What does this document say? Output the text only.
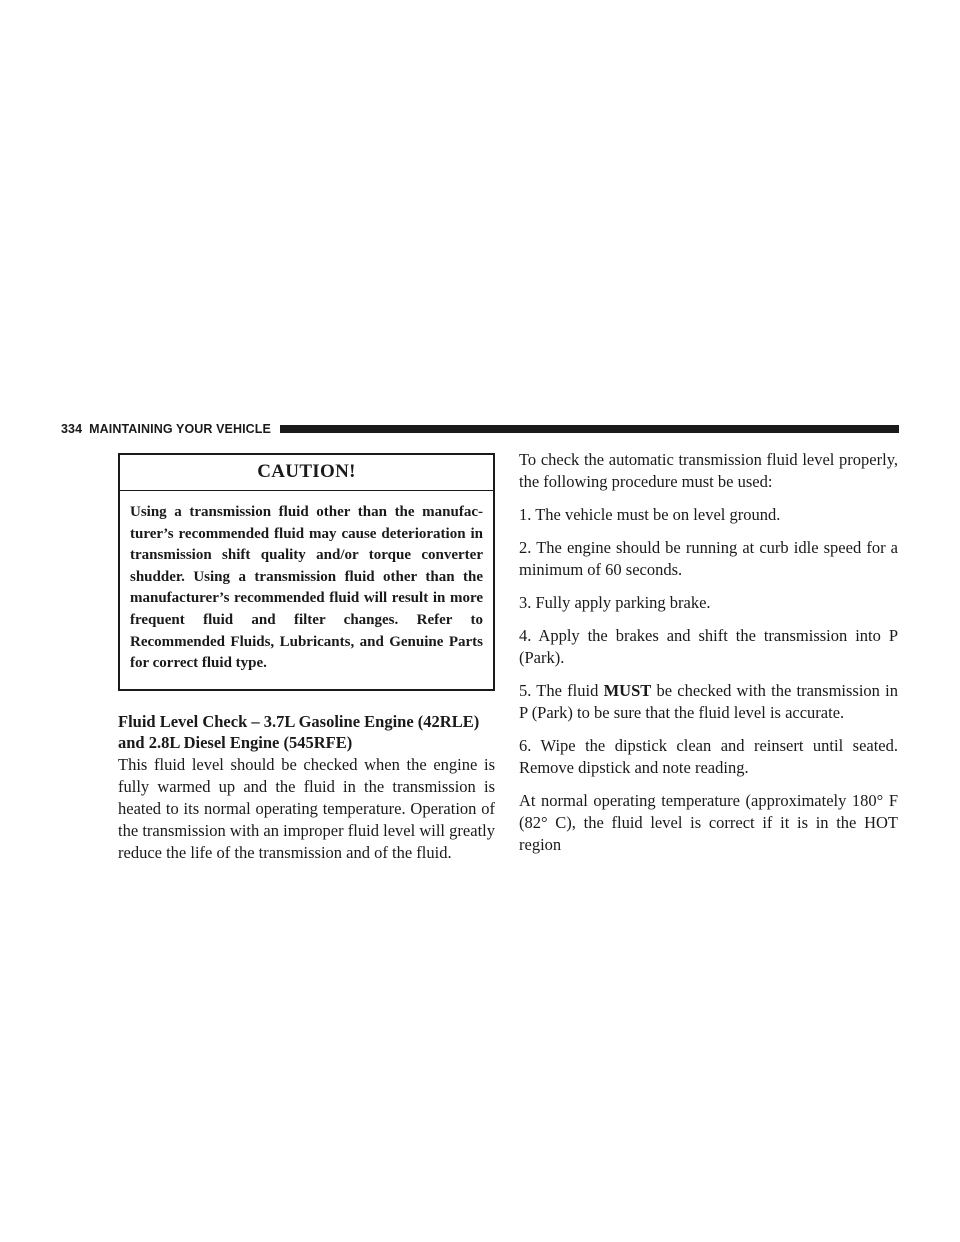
334 MAINTAINING YOUR VEHICLE
CAUTION!
Using a transmission fluid other than the manufac- turer’s recommended fluid may cause deterioration in transmission shift quality and/or torque converter shudder. Using a transmission fluid other than the manufacturer’s recommended fluid will result in more frequent fluid and filter changes. Refer to Recommended Fluids, Lubricants, and Genuine Parts for correct fluid type.
Fluid Level Check – 3.7L Gasoline Engine (42RLE) and 2.8L Diesel Engine (545RFE)

This fluid level should be checked when the engine is fully warmed up and the fluid in the transmission is heated to its normal operating temperature. Operation of the transmission with an improper fluid level will greatly reduce the life of the transmission and of the fluid.

To check the automatic transmission fluid level properly, the following procedure must be used:

1. The vehicle must be on level ground.

2. The engine should be running at curb idle speed for a minimum of 60 seconds.

3. Fully apply parking brake.

4. Apply the brakes and shift the transmission into P (Park).

5. The fluid MUST be checked with the transmission in P (Park) to be sure that the fluid level is accurate.

6. Wipe the dipstick clean and reinsert until seated. Remove dipstick and note reading.

At normal operating temperature (approximately 180° F (82° C), the fluid level is correct if it is in the HOT region
